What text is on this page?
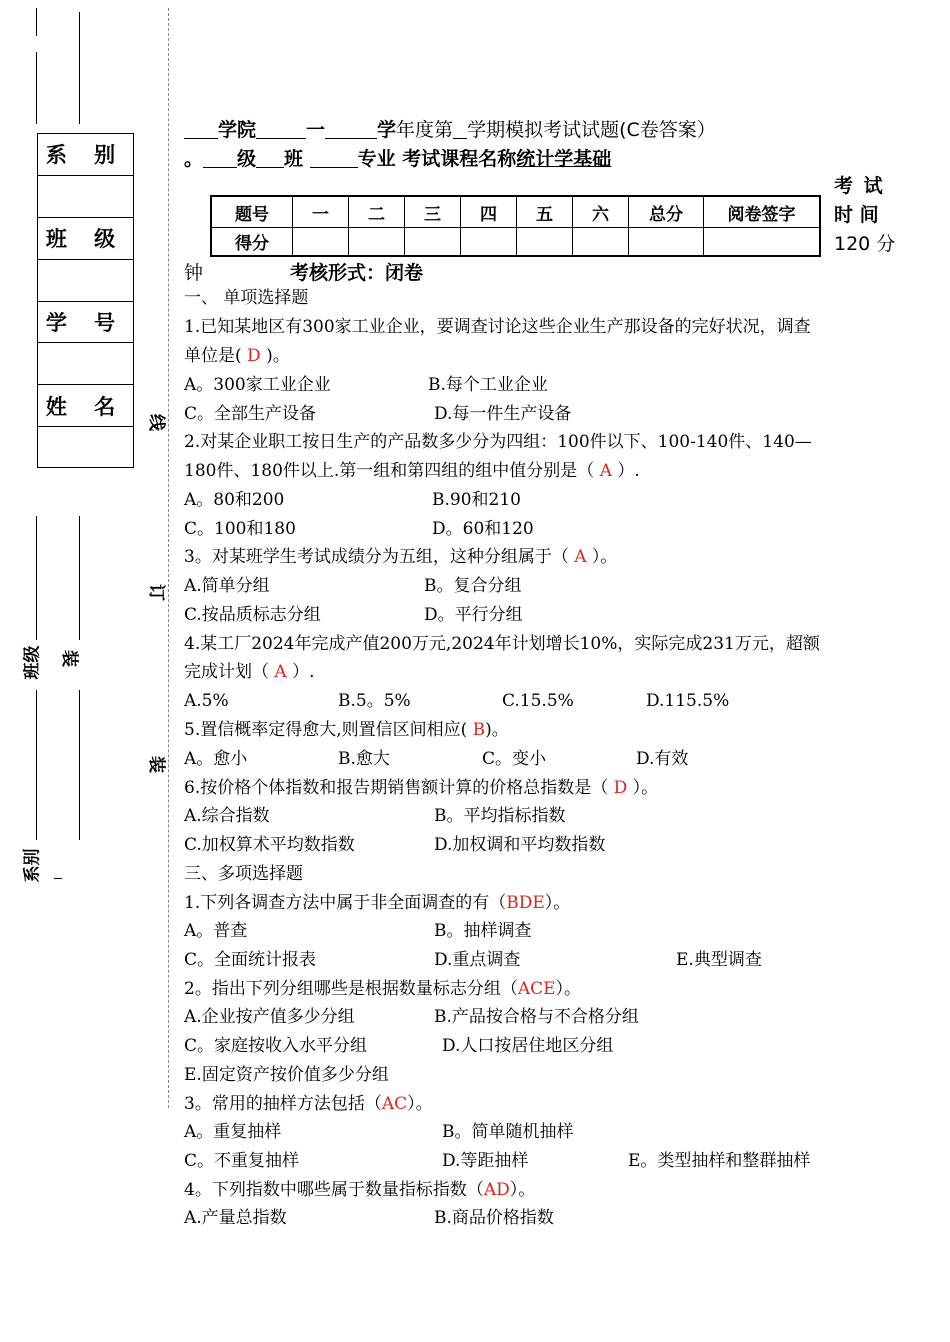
系 别
班 级
学 号
姓 名
线
订
装
班级 装
系别
学院	一	学年度第 学期模拟考试试题(C卷答案）
。 级 班	专业 考试课程名称统计学基础
考 试
时 间
120 分
题号	一	二	三	四	五	六	总分	阅卷签字
得分								
钟	考核形式：闭卷
一、 单项选择题
1.已知某地区有300家工业企业，要调查讨论这些企业生产那设备的完好状况，调查
单位是( D )。
A。300家工业企业	B.每个工业企业
C。全部生产设备	D.每一件生产设备
2.对某企业职工按日生产的产品数多少分为四组：100件以下、100-140件、140—
180件、180件以上.第一组和第四组的组中值分别是（ A ）.
A。80和200	B.90和210
C。100和180	D。60和120
3。对某班学生考试成绩分为五组，这种分组属于（ A ）。
A.简单分组	B。复合分组
C.按品质标志分组	D。平行分组
4.某工厂2024年完成产值200万元,2024年计划增长10%，实际完成231万元，超额
完成计划（ A ）.
A.5%	B.5。5%	C.15.5%	D.115.5%
5.置信概率定得愈大,则置信区间相应( B)。
A。愈小	B.愈大	C。变小	D.有效
6.按价格个体指数和报告期销售额计算的价格总指数是（ D ）。
A.综合指数	B。平均指标指数
C.加权算术平均数指数	D.加权调和平均数指数
三、多项选择题
1.下列各调查方法中属于非全面调查的有（BDE）。
A。普查	B。抽样调查
C。全面统计报表	D.重点调查	E.典型调查
2。指出下列分组哪些是根据数量标志分组（ACE）。
A.企业按产值多少分组	B.产品按合格与不合格分组
C。家庭按收入水平分组	D.人口按居住地区分组
E.固定资产按价值多少分组
3。常用的抽样方法包括（AC）。
A。重复抽样	B。简单随机抽样
C。不重复抽样	D.等距抽样	E。类型抽样和整群抽样
4。下列指数中哪些属于数量指标指数（AD）。
A.产量总指数	B.商品价格指数
